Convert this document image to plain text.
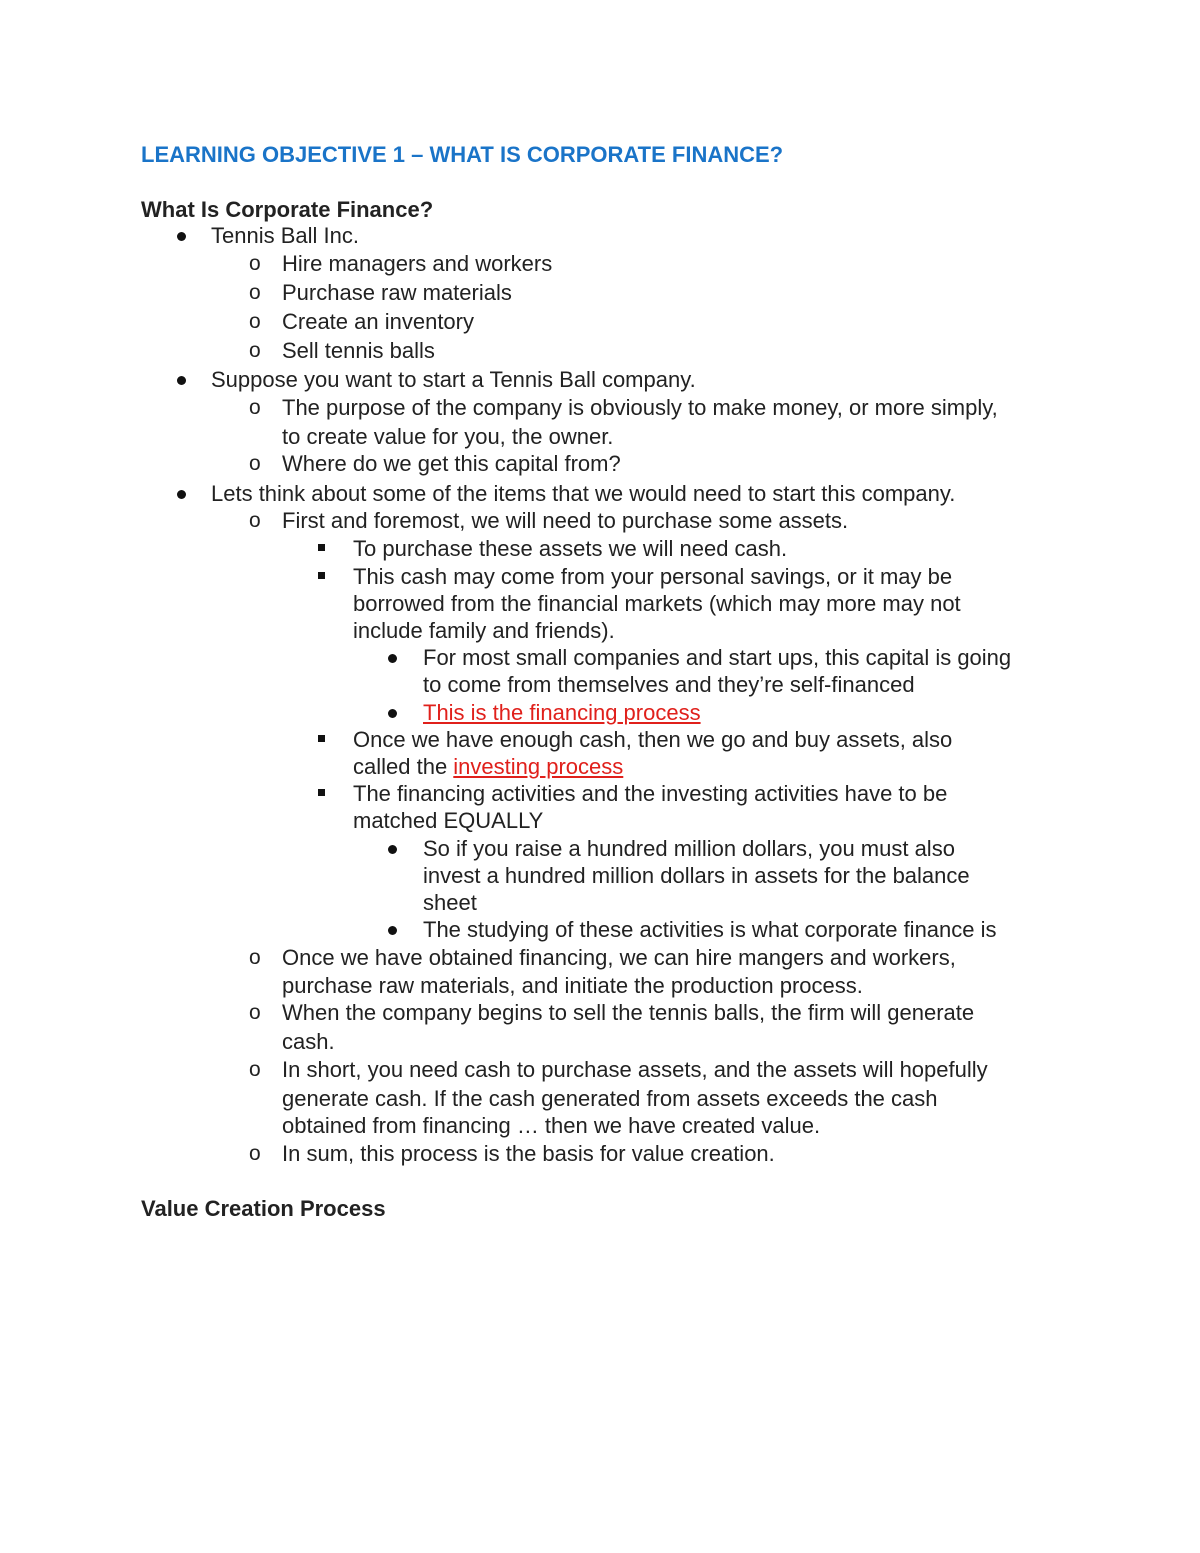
LEARNING OBJECTIVE 1 – WHAT IS CORPORATE FINANCE?
What Is Corporate Finance?
Tennis Ball Inc.
o Hire managers and workers
o Purchase raw materials
o Create an inventory
o Sell tennis balls
Suppose you want to start a Tennis Ball company.
o The purpose of the company is obviously to make money, or more simply,
to create value for you, the owner.
o Where do we get this capital from?
Lets think about some of the items that we would need to start this company.
o First and foremost, we will need to purchase some assets.
To purchase these assets we will need cash.
This cash may come from your personal savings, or it may be
borrowed from the financial markets (which may more may not
include family and friends).
For most small companies and start ups, this capital is going
to come from themselves and they’re self-financed
This is the financing process
Once we have enough cash, then we go and buy assets, also
called the investing process
The financing activities and the investing activities have to be
matched EQUALLY
So if you raise a hundred million dollars, you must also
invest a hundred million dollars in assets for the balance
sheet
The studying of these activities is what corporate finance is
o Once we have obtained financing, we can hire mangers and workers,
purchase raw materials, and initiate the production process.
o When the company begins to sell the tennis balls, the firm will generate
cash.
o In short, you need cash to purchase assets, and the assets will hopefully
generate cash. If the cash generated from assets exceeds the cash
obtained from financing … then we have created value.
o In sum, this process is the basis for value creation.
Value Creation Process
